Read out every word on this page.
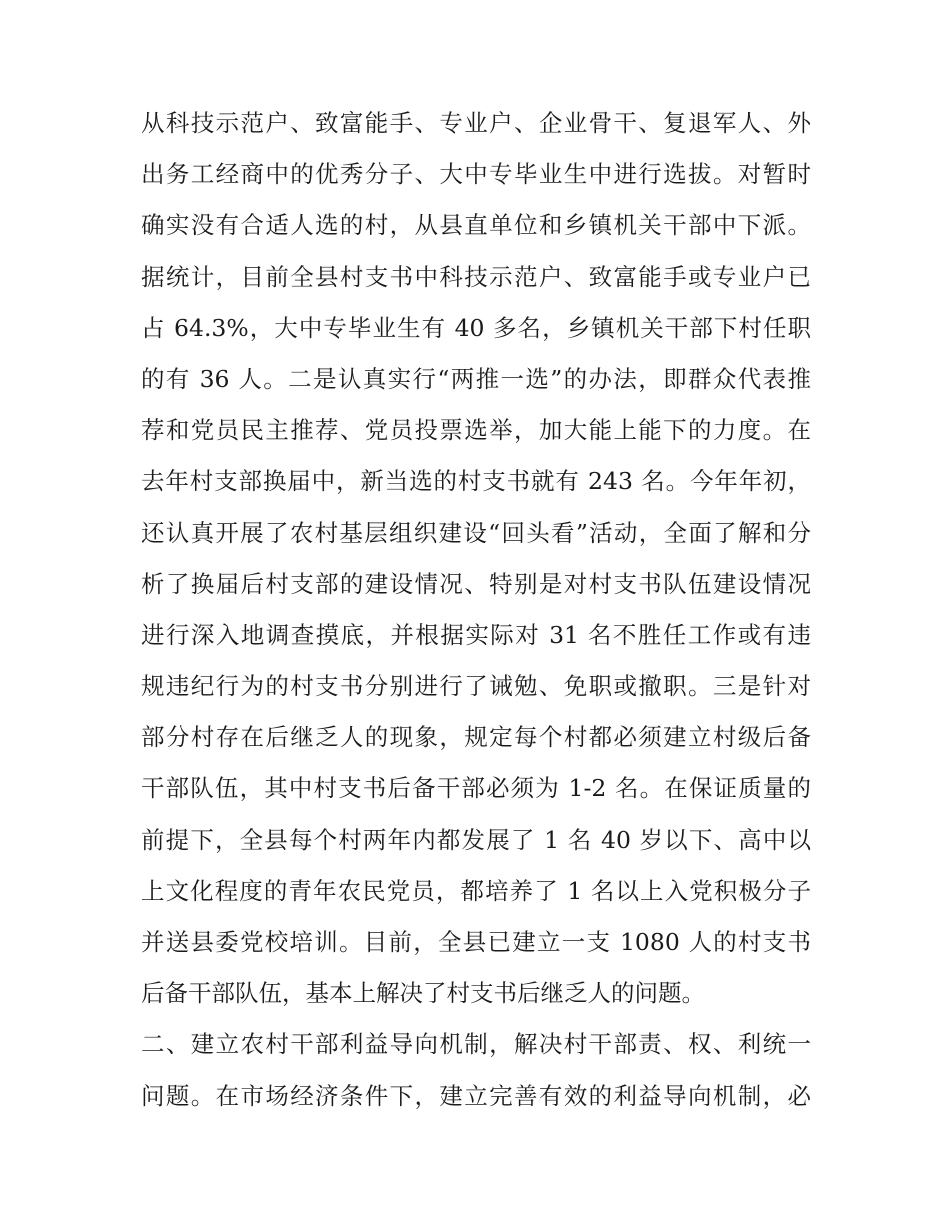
从科技示范户、致富能手、专业户、企业骨干、复退军人、外
出务工经商中的优秀分子、大中专毕业生中进行选拔。对暂时
确实没有合适人选的村，从县直单位和乡镇机关干部中下派。
据统计，目前全县村支书中科技示范户、致富能手或专业户已
占 64.3%，大中专毕业生有 40 多名，乡镇机关干部下村任职
的有 36 人。二是认真实行“两推一选”的办法，即群众代表推
荐和党员民主推荐、党员投票选举，加大能上能下的力度。在
去年村支部换届中，新当选的村支书就有 243 名。今年年初，
还认真开展了农村基层组织建设“回头看”活动，全面了解和分
析了换届后村支部的建设情况、特别是对村支书队伍建设情况
进行深入地调查摸底，并根据实际对 31 名不胜任工作或有违
规违纪行为的村支书分别进行了诫勉、免职或撤职。三是针对
部分村存在后继乏人的现象，规定每个村都必须建立村级后备
干部队伍，其中村支书后备干部必须为 1-2 名。在保证质量的
前提下，全县每个村两年内都发展了 1 名 40 岁以下、高中以
上文化程度的青年农民党员，都培养了 1 名以上入党积极分子
并送县委党校培训。目前，全县已建立一支 1080 人的村支书
后备干部队伍，基本上解决了村支书后继乏人的问题。
二、建立农村干部利益导向机制，解决村干部责、权、利统一
问题。在市场经济条件下，建立完善有效的利益导向机制，必
